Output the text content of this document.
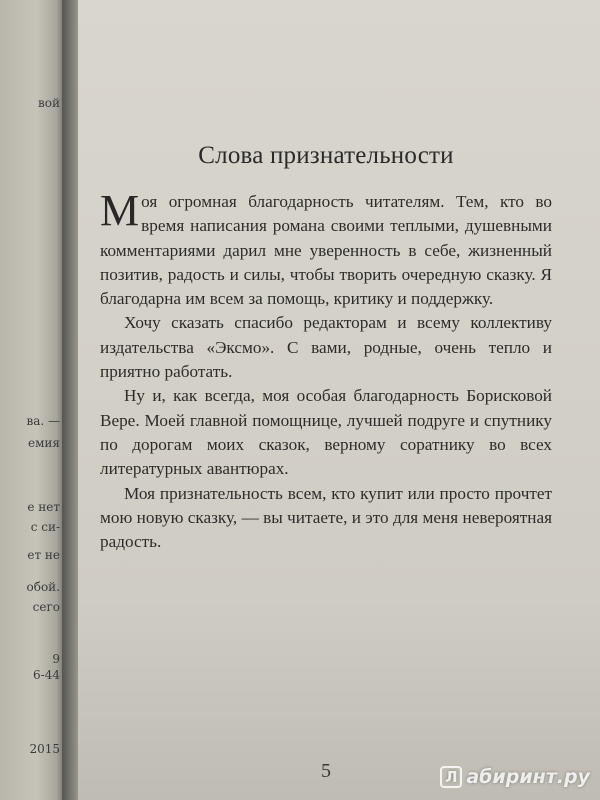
вой
ва. —
емия
е нет
с си-
ет не
обой.
сего
9
6-44
2015
Слова признательности

Моя огромная благодарность читателям. Тем, кто во время написания романа своими теплыми, душевными комментариями дарил мне уверенность в себе, жизненный позитив, радость и силы, чтобы творить очередную сказку. Я благодарна им всем за помощь, критику и поддержку.

Хочу сказать спасибо редакторам и всему коллективу издательства «Эксмо». С вами, родные, очень тепло и приятно работать.

Ну и, как всегда, моя особая благодарность Борисковой Вере. Моей главной помощнице, лучшей подруге и спутнику по дорогам моих сказок, верному соратнику во всех литературных авантюрах.

Моя признательность всем, кто купит или просто прочтет мою новую сказку, — вы читаете, и это для меня невероятная радость.

5	Л абиринт.ру
